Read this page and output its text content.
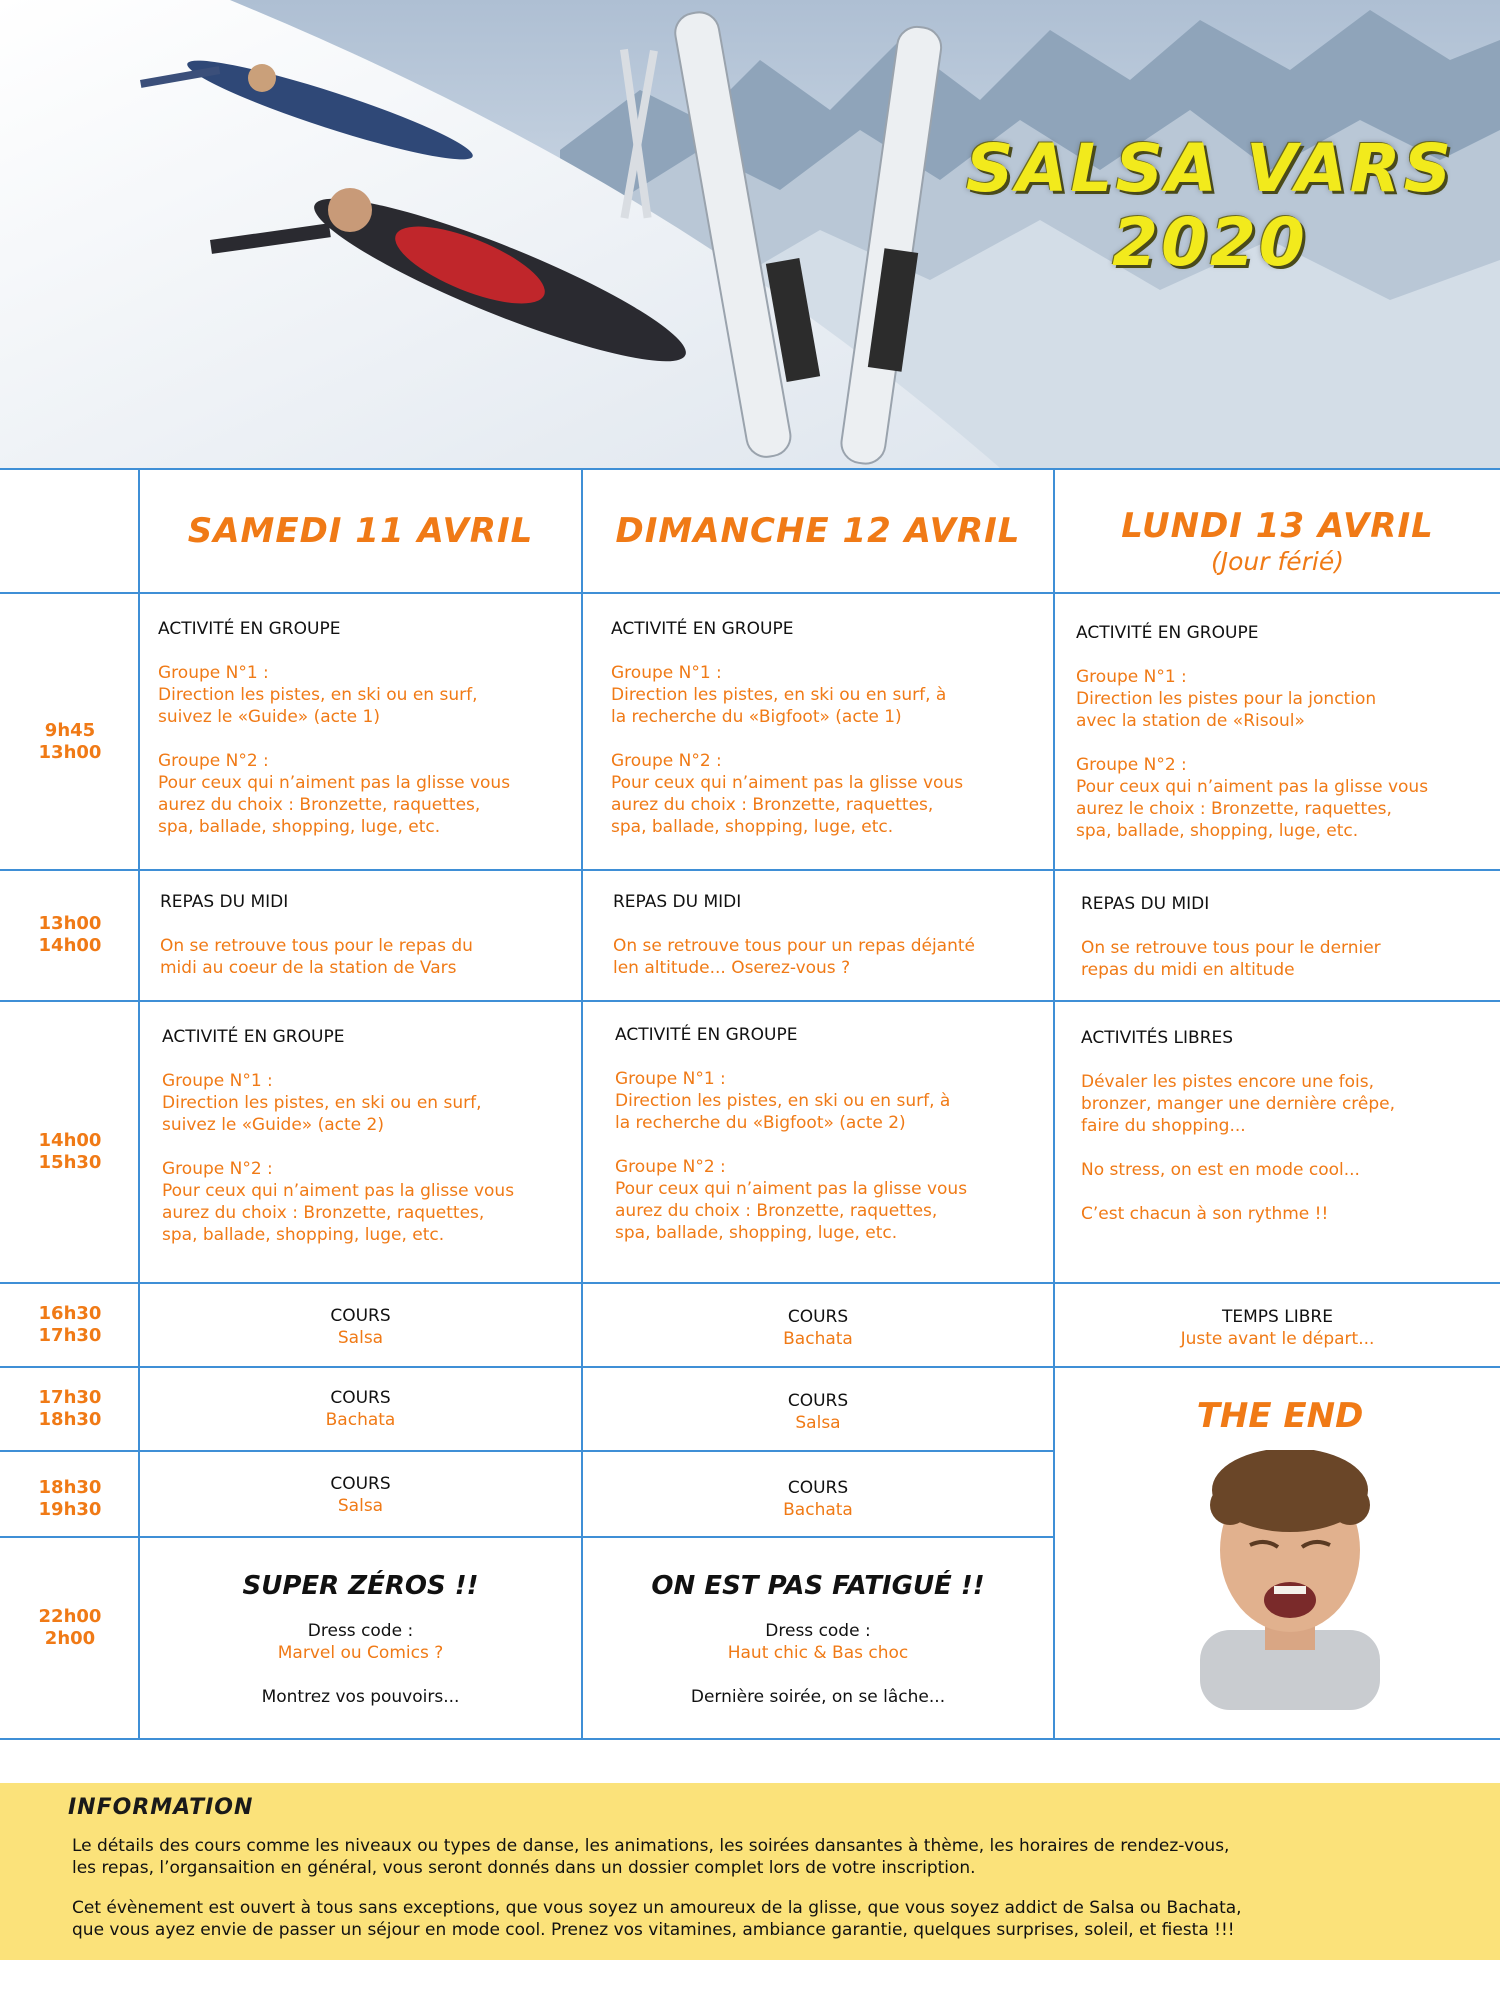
SALSA VARS
2020
SAMEDI 11 AVRIL	DIMANCHE 12 AVRIL	LUNDI 13 AVRIL
(Jour férié)
9h45
13h00
13h00
14h00
14h00
15h30
16h30
17h30
17h30
18h30
18h30
19h30
22h00
2h00
ACTIVITÉ EN GROUPE
Groupe N°1 :
Direction les pistes, en ski ou en surf,
suivez le «Guide» (acte 1)
Groupe N°2 :
Pour ceux qui n’aiment pas la glisse vous
aurez du choix : Bronzette, raquettes,
spa, ballade, shopping, luge, etc.
ACTIVITÉ EN GROUPE
Groupe N°1 :
Direction les pistes, en ski ou en surf, à
la recherche du «Bigfoot» (acte 1)
Groupe N°2 :
Pour ceux qui n’aiment pas la glisse vous
aurez du choix : Bronzette, raquettes,
spa, ballade, shopping, luge, etc.
ACTIVITÉ EN GROUPE
Groupe N°1 :
Direction les pistes pour la jonction
avec la station de «Risoul»
Groupe N°2 :
Pour ceux qui n’aiment pas la glisse vous
aurez le choix : Bronzette, raquettes,
spa, ballade, shopping, luge, etc.
REPAS DU MIDI
On se retrouve tous pour le repas du
midi au coeur de la station de Vars
REPAS DU MIDI
On se retrouve tous pour un repas déjanté
len altitude... Oserez-vous ?
REPAS DU MIDI
On se retrouve tous pour le dernier
repas du midi en altitude
ACTIVITÉ EN GROUPE
Groupe N°1 :
Direction les pistes, en ski ou en surf,
suivez le «Guide» (acte 2)
Groupe N°2 :
Pour ceux qui n’aiment pas la glisse vous
aurez du choix : Bronzette, raquettes,
spa, ballade, shopping, luge, etc.
ACTIVITÉ EN GROUPE
Groupe N°1 :
Direction les pistes, en ski ou en surf, à
la recherche du «Bigfoot» (acte 2)
Groupe N°2 :
Pour ceux qui n’aiment pas la glisse vous
aurez du choix : Bronzette, raquettes,
spa, ballade, shopping, luge, etc.
ACTIVITÉS LIBRES
Dévaler les pistes encore une fois,
bronzer, manger une dernière crêpe,
faire du shopping...
No stress, on est en mode cool...
C’est chacun à son rythme !!
COURS
Salsa
COURS
Bachata
TEMPS LIBRE
Juste avant le départ...
COURS
Bachata
COURS
Salsa
COURS
Salsa
COURS
Bachata
THE END
SUPER ZÉROS !!
Dress code :
Marvel ou Comics ?
Montrez vos pouvoirs...
ON EST PAS FATIGUÉ !!
Dress code :
Haut chic & Bas choc
Dernière soirée, on se lâche...
INFORMATION
Le détails des cours comme les niveaux ou types de danse, les animations, les soirées dansantes à thème, les horaires de rendez-vous,
les repas, l’organsaition en général, vous seront donnés dans un dossier complet lors de votre inscription.
Cet évènement est ouvert à tous sans exceptions, que vous soyez un amoureux de la glisse, que vous soyez addict de Salsa ou Bachata,
que vous ayez envie de passer un séjour en mode cool. Prenez vos vitamines, ambiance garantie, quelques surprises, soleil, et fiesta !!!
